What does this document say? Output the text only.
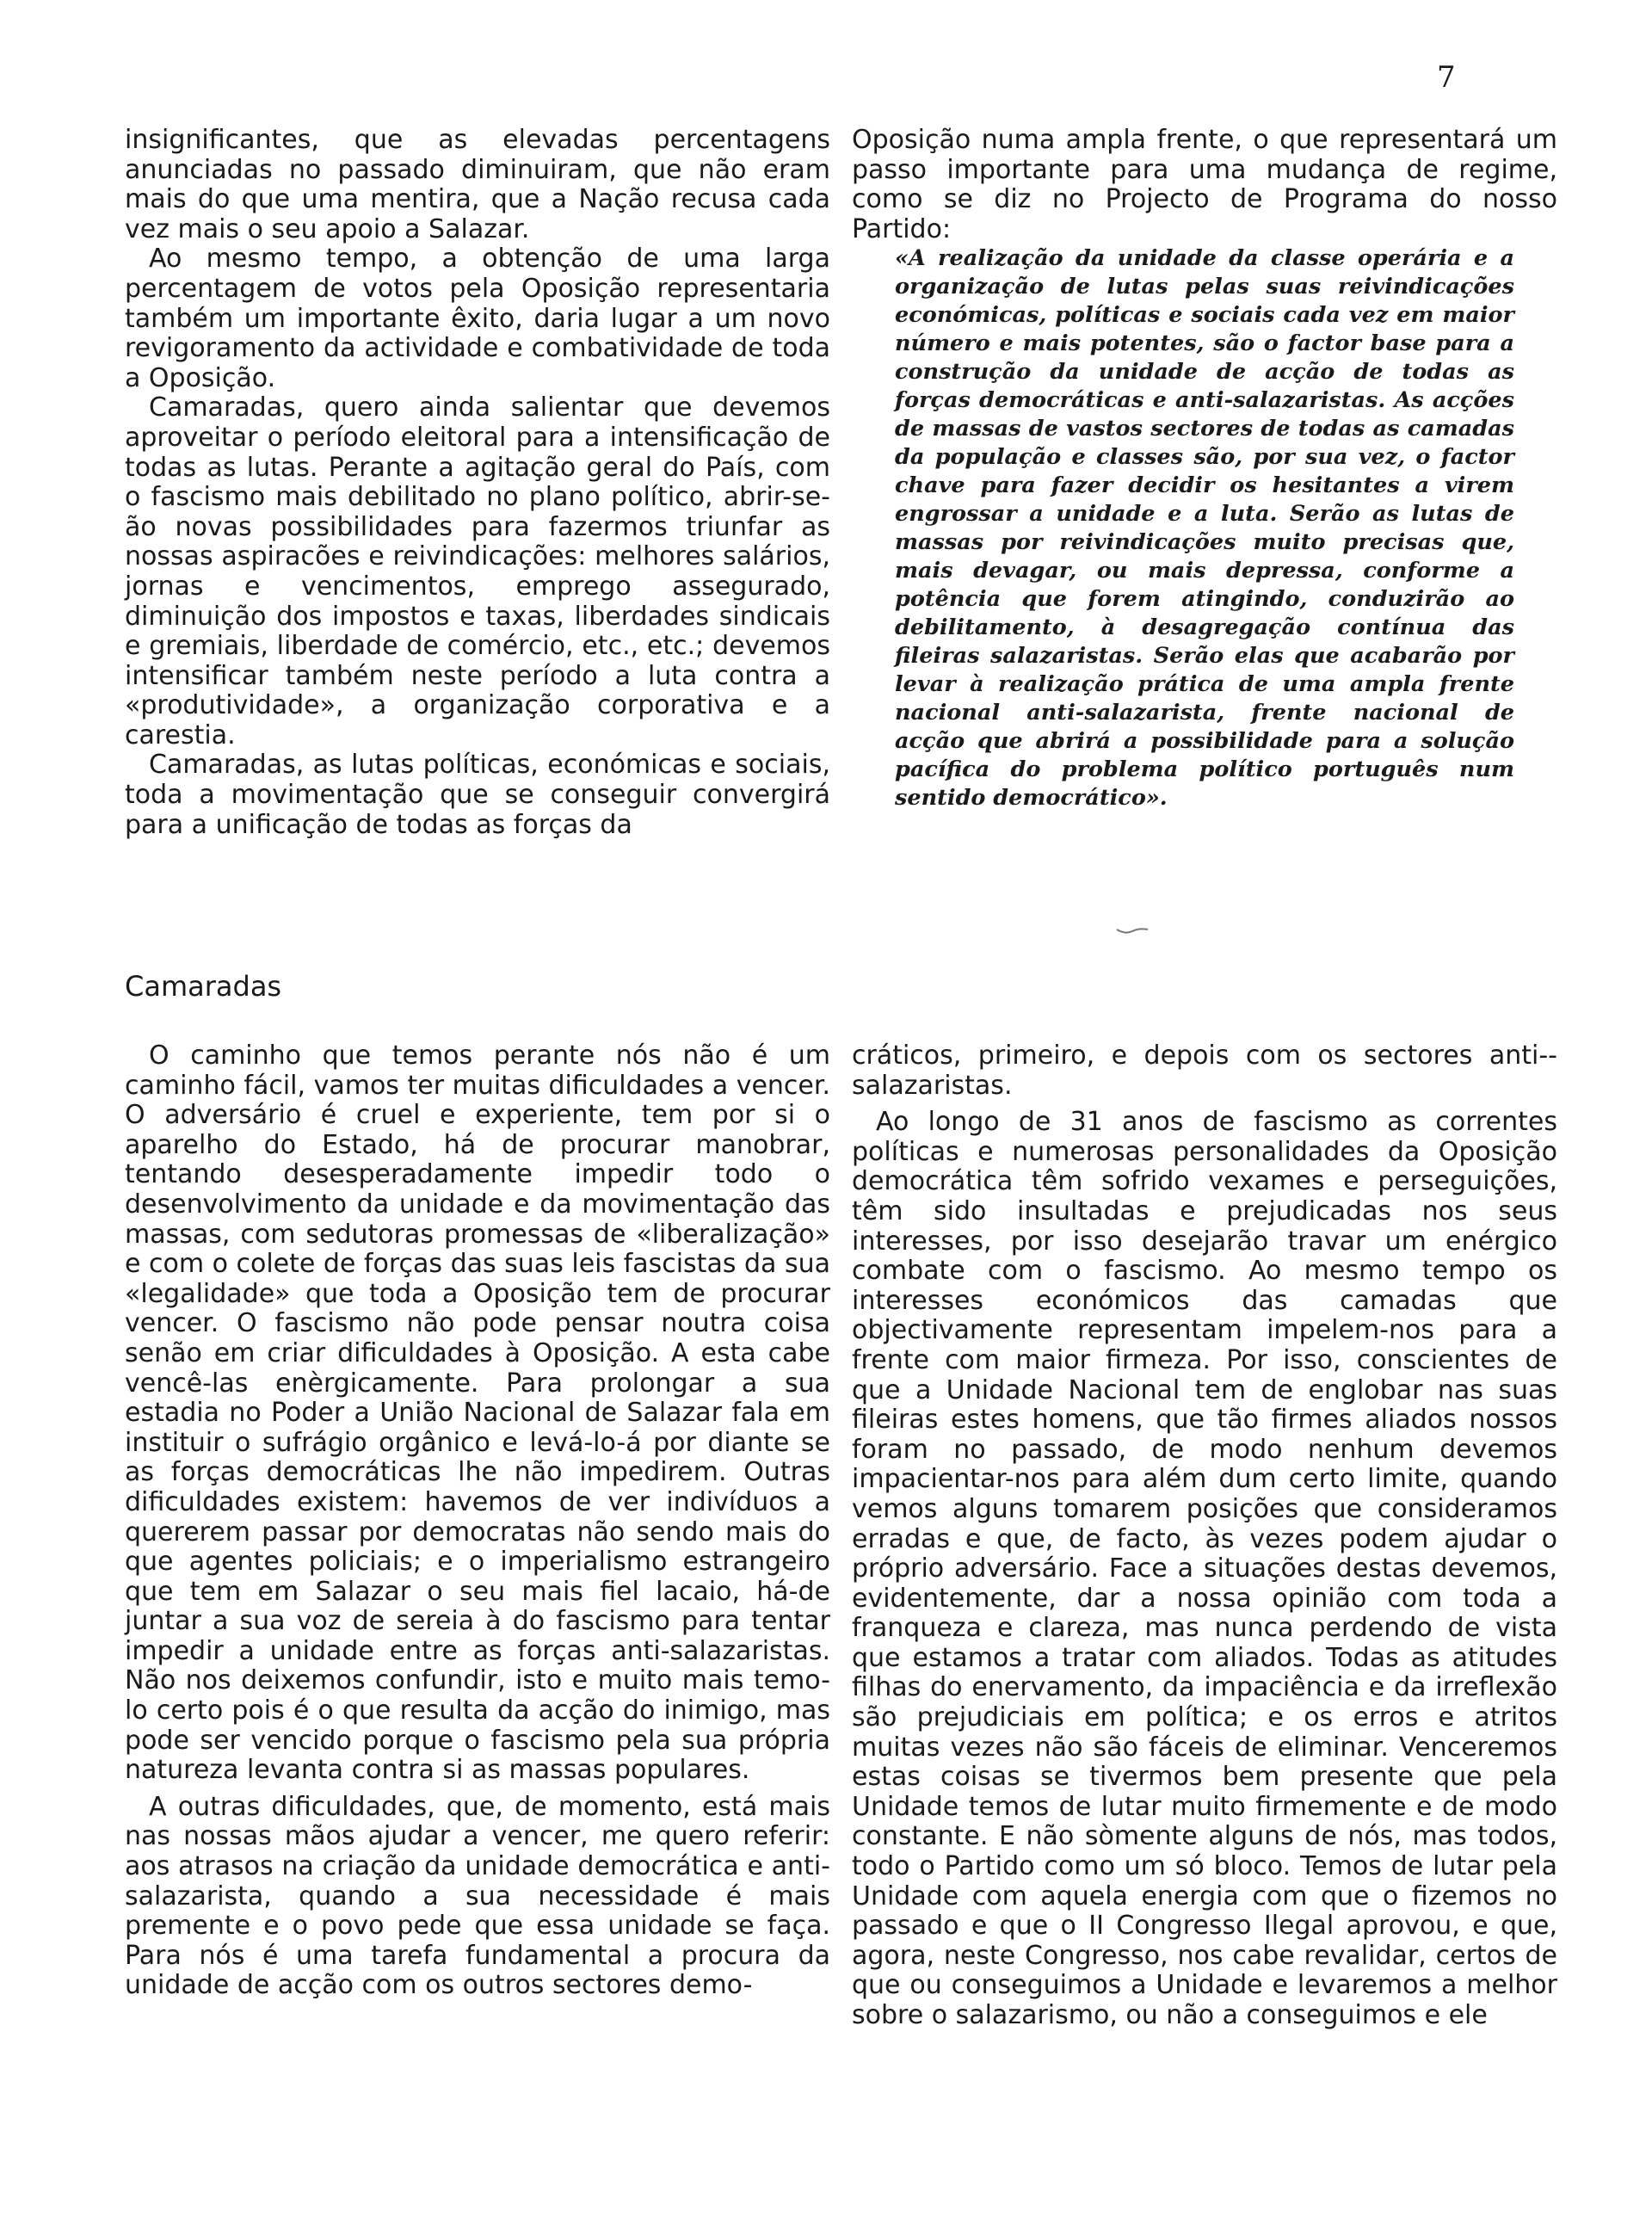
7

insignificantes, que as elevadas percentagens anunciadas no passado diminuiram, que não eram mais do que uma mentira, que a Nação recusa cada vez mais o seu apoio a Salazar.

Ao mesmo tempo, a obtenção de uma larga percentagem de votos pela Oposição representaria também um importante êxito, daria lugar a um novo revigoramento da actividade e combatividade de toda a Oposição.

Camaradas, quero ainda salientar que devemos aproveitar o período eleitoral para a intensificação de todas as lutas. Perante a agitação geral do País, com o fascismo mais debilitado no plano político, abrir-se-ão novas possibilidades para fazermos triunfar as nossas aspiracões e reivindicações: melhores salários, jornas e vencimentos, emprego assegurado, diminuição dos impostos e taxas, liberdades sindicais e gremiais, liberdade de comércio, etc., etc.; devemos intensificar também neste período a luta contra a «produtividade», a organização corporativa e a carestia.

Camaradas, as lutas políticas, económicas e sociais, toda a movimentação que se conseguir convergirá para a unificação de todas as forças da

Oposição numa ampla frente, o que representará um passo importante para uma mudança de regime, como se diz no Projecto de Programa do nosso Partido:

«A realização da unidade da classe operária e a organização de lutas pelas suas reivindicações económicas, políticas e sociais cada vez em maior número e mais potentes, são o factor base para a construção da unidade de acção de todas as forças democráticas e anti-salazaristas. As acções de massas de vastos sectores de todas as camadas da população e classes são, por sua vez, o factor chave para fazer decidir os hesitantes a virem engrossar a unidade e a luta. Serão as lutas de massas por reivindicações muito precisas que, mais devagar, ou mais depressa, conforme a potência que forem atingindo, conduzirão ao debilitamento, à desagregação contínua das fileiras salazaristas. Serão elas que acabarão por levar à realização prática de uma ampla frente nacional anti-salazarista, frente nacional de acção que abrirá a possibilidade para a solução pacífica do problema político português num sentido democrático».

Camaradas

O caminho que temos perante nós não é um caminho fácil, vamos ter muitas dificuldades a vencer. O adversário é cruel e experiente, tem por si o aparelho do Estado, há de procurar manobrar, tentando desesperadamente impedir todo o desenvolvimento da unidade e da movimentação das massas, com sedutoras promessas de «liberalização» e com o colete de forças das suas leis fascistas da sua «legalidade» que toda a Oposição tem de procurar vencer. O fascismo não pode pensar noutra coisa senão em criar dificuldades à Oposição. A esta cabe vencê-las enèrgicamente. Para prolongar a sua estadia no Poder a União Nacional de Salazar fala em instituir o sufrágio orgânico e levá-lo-á por diante se as forças democráticas lhe não impedirem. Outras dificuldades existem: havemos de ver indivíduos a quererem passar por democratas não sendo mais do que agentes policiais; e o imperialismo estrangeiro que tem em Salazar o seu mais fiel lacaio, há-de juntar a sua voz de sereia à do fascismo para tentar impedir a unidade entre as forças anti-salazaristas. Não nos deixemos confundir, isto e muito mais temo-lo certo pois é o que resulta da acção do inimigo, mas pode ser vencido porque o fascismo pela sua própria natureza levanta contra si as massas populares.

A outras dificuldades, que, de momento, está mais nas nossas mãos ajudar a vencer, me quero referir: aos atrasos na criação da unidade democrática e anti-salazarista, quando a sua necessidade é mais premente e o povo pede que essa unidade se faça. Para nós é uma tarefa fundamental a procura da unidade de acção com os outros sectores demo-

cráticos, primeiro, e depois com os sectores anti--salazaristas.

Ao longo de 31 anos de fascismo as correntes políticas e numerosas personalidades da Oposição democrática têm sofrido vexames e perseguições, têm sido insultadas e prejudicadas nos seus interesses, por isso desejarão travar um enérgico combate com o fascismo. Ao mesmo tempo os interesses económicos das camadas que objectivamente representam impelem-nos para a frente com maior firmeza. Por isso, conscientes de que a Unidade Nacional tem de englobar nas suas fileiras estes homens, que tão firmes aliados nossos foram no passado, de modo nenhum devemos impacientar-nos para além dum certo limite, quando vemos alguns tomarem posições que consideramos erradas e que, de facto, às vezes podem ajudar o próprio adversário. Face a situações destas devemos, evidentemente, dar a nossa opinião com toda a franqueza e clareza, mas nunca perdendo de vista que estamos a tratar com aliados. Todas as atitudes filhas do enervamento, da impaciência e da irreflexão são prejudiciais em política; e os erros e atritos muitas vezes não são fáceis de eliminar. Venceremos estas coisas se tivermos bem presente que pela Unidade temos de lutar muito firmemente e de modo constante. E não sòmente alguns de nós, mas todos, todo o Partido como um só bloco. Temos de lutar pela Unidade com aquela energia com que o fizemos no passado e que o II Congresso Ilegal aprovou, e que, agora, neste Congresso, nos cabe revalidar, certos de que ou conseguimos a Unidade e levaremos a melhor sobre o salazarismo, ou não a conseguimos e ele
